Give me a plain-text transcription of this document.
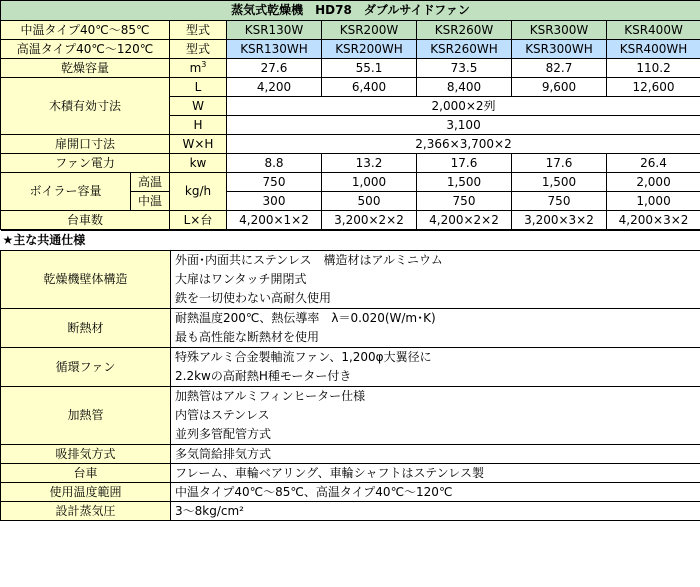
蒸気式乾燥機　HD78　ダブルサイドファン							
中温タイプ40℃〜85℃		型式	KSR130W	KSR200W	KSR260W	KSR300W	KSR400W
高温タイプ40℃〜120℃		型式	KSR130WH	KSR200WH	KSR260WH	KSR300WH	KSR400WH
乾燥容量		$m^3$	27.6	55.1	73.5	82.7	110.2
木積有効寸法		L	4,200	6,400	8,400	9,600	12,600
		W	2,000×2列				
		H	3,100				
扉開口寸法		W×H	2,366×3,700×2				
ファン電力		kw	8.8	13.2	17.6	17.6	26.4
ボイラー容量	高温	kg/h	750	1,000	1,500	1,500	2,000
	中温		300	500	750	750	1,000
台車数		L×台	4,200×1×2	3,200×2×2	4,200×2×2	3,200×3×2	4,200×3×2
★主な共通仕様	
乾燥機壁体構造	外面･内面共にステンレス　構造材はアルミニウム
大扉はワンタッチ開閉式
鉄を一切使わない高耐久使用

断熱材	耐熱温度200℃、熱伝導率　λ＝0.020(W/m･K)
最も高性能な断熱材を使用

循環ファン	特殊アルミ合金製軸流ファン、1,200φ大翼径に
2.2kwの高耐熱H種モーター付き

加熱管	加熱管はアルミフィンヒーター仕様
内管はステンレス
並列多管配管方式

吸排気方式	多気筒給排気方式
台車	フレーム、車輪ベアリング、車輪シャフトはステンレス製
使用温度範囲	中温タイプ40℃〜85℃、高温タイプ40℃〜120℃
設計蒸気圧	3〜8kg/cm²
